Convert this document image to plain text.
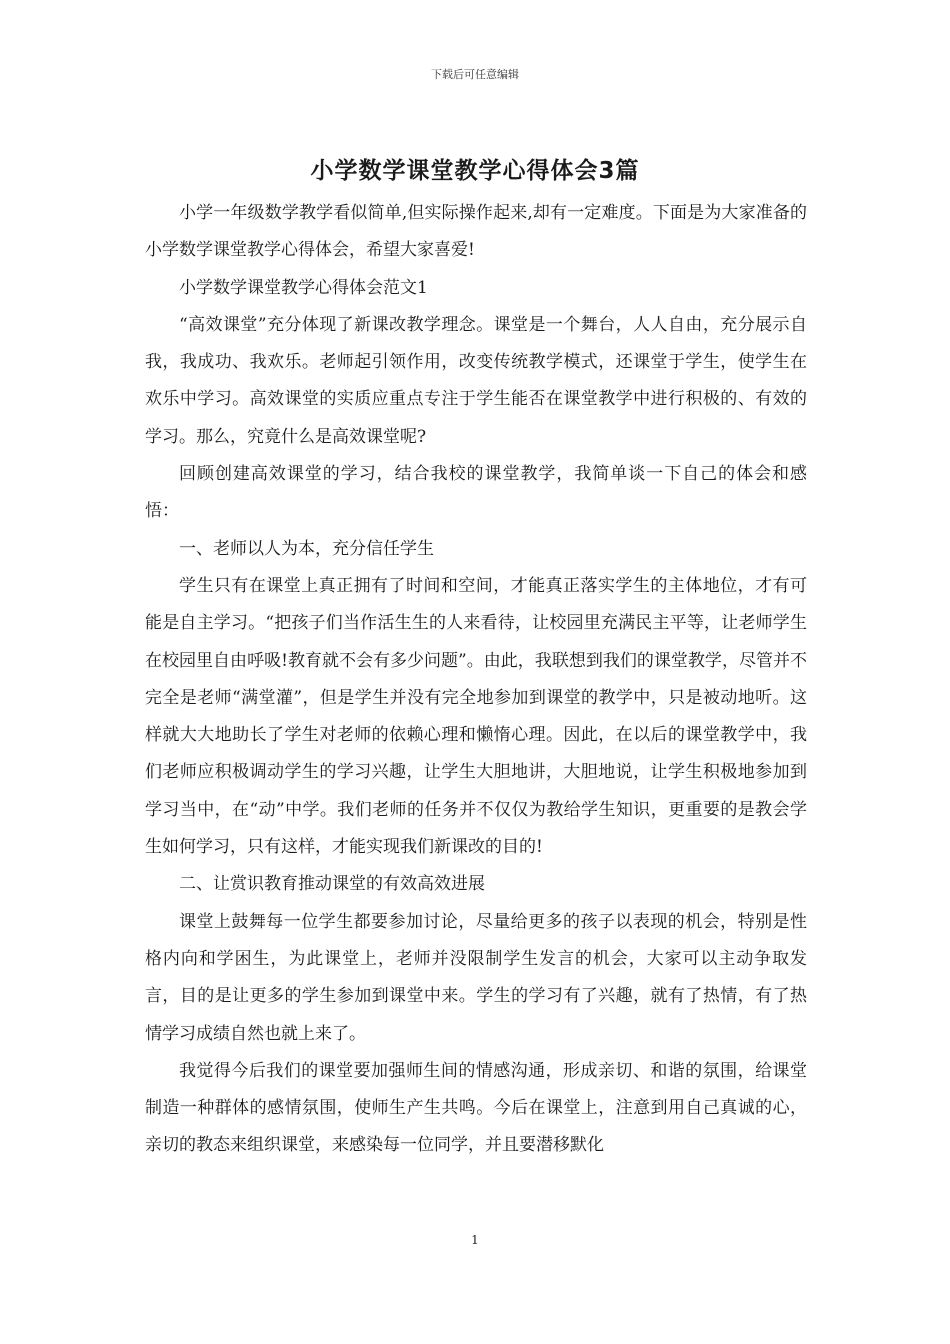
下载后可任意编辑
小学数学课堂教学心得体会3篇

小学一年级数学教学看似简单,但实际操作起来,却有一定难度。下面是为大家准备的小学数学课堂教学心得体会，希望大家喜爱!

小学数学课堂教学心得体会范文1

“高效课堂”充分体现了新课改教学理念。课堂是一个舞台，人人自由，充分展示自我，我成功、我欢乐。老师起引领作用，改变传统教学模式，还课堂于学生，使学生在欢乐中学习。高效课堂的实质应重点专注于学生能否在课堂教学中进行积极的、有效的学习。那么，究竟什么是高效课堂呢?

回顾创建高效课堂的学习，结合我校的课堂教学，我简单谈一下自己的体会和感悟：

一、老师以人为本，充分信任学生

学生只有在课堂上真正拥有了时间和空间，才能真正落实学生的主体地位，才有可能是自主学习。“把孩子们当作活生生的人来看待，让校园里充满民主平等，让老师学生在校园里自由呼吸!教育就不会有多少问题”。由此，我联想到我们的课堂教学，尽管并不完全是老师“满堂灌”，但是学生并没有完全地参加到课堂的教学中，只是被动地听。这样就大大地助长了学生对老师的依赖心理和懒惰心理。因此，在以后的课堂教学中，我们老师应积极调动学生的学习兴趣，让学生大胆地讲，大胆地说，让学生积极地参加到学习当中，在“动”中学。我们老师的任务并不仅仅为教给学生知识，更重要的是教会学生如何学习，只有这样，才能实现我们新课改的目的!

二、让赏识教育推动课堂的有效高效进展

课堂上鼓舞每一位学生都要参加讨论，尽量给更多的孩子以表现的机会，特别是性格内向和学困生，为此课堂上，老师并没限制学生发言的机会，大家可以主动争取发言，目的是让更多的学生参加到课堂中来。学生的学习有了兴趣，就有了热情，有了热情学习成绩自然也就上来了。

我觉得今后我们的课堂要加强师生间的情感沟通，形成亲切、和谐的氛围，给课堂制造一种群体的感情氛围，使师生产生共鸣。今后在课堂上，注意到用自己真诚的心，亲切的教态来组织课堂，来感染每一位同学，并且要潜移默化

1
